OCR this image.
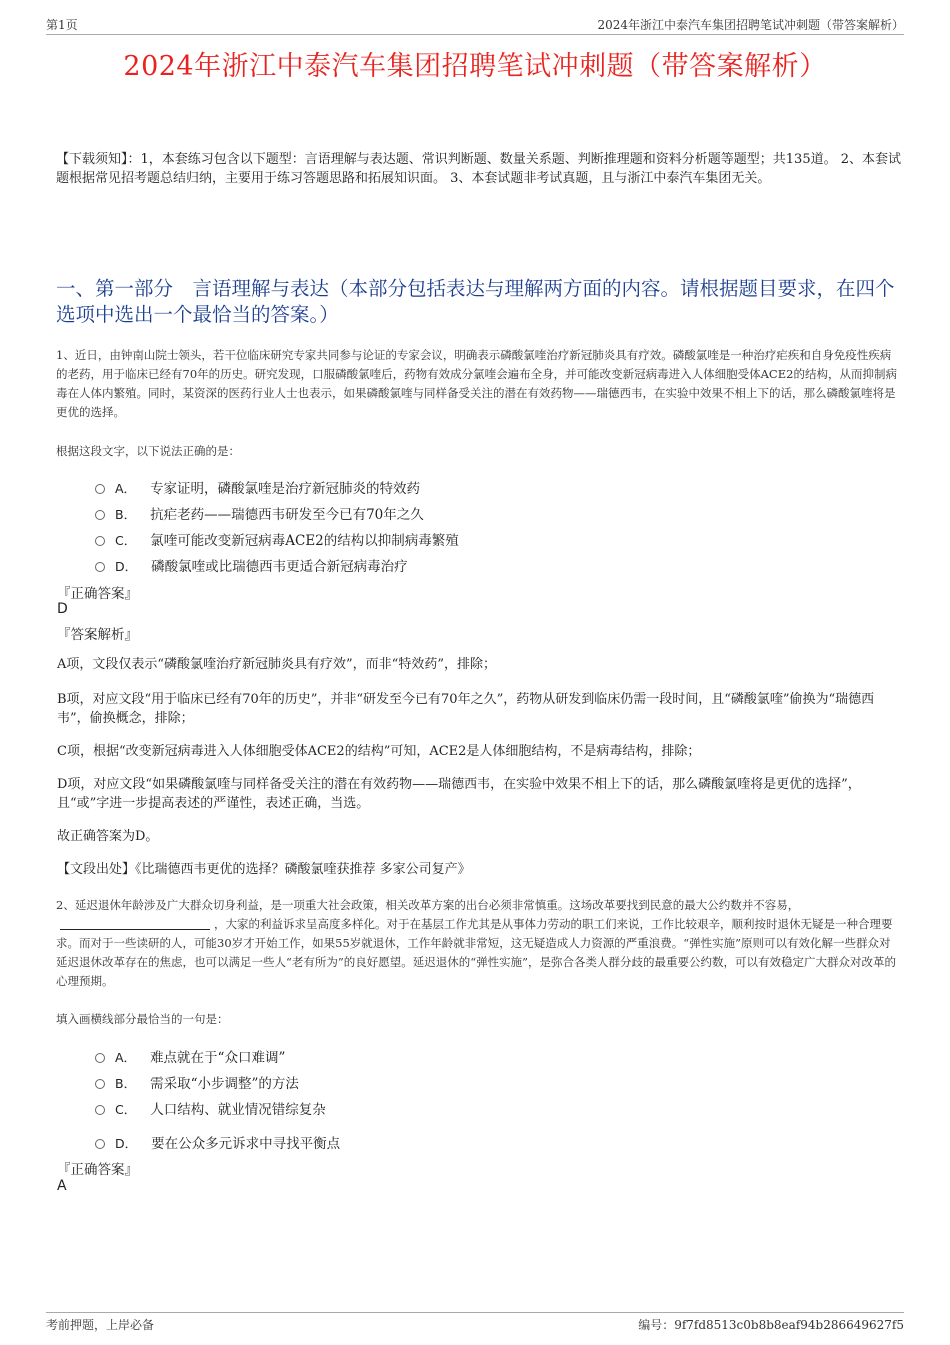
第1页	2024年浙江中泰汽车集团招聘笔试冲刺题（带答案解析）
2024年浙江中泰汽车集团招聘笔试冲刺题（带答案解析）
【下载须知】：1，本套练习包含以下题型：言语理解与表达题、常识判断题、数量关系题、判断推理题和资料分析题等题型；共135道。 2、本套试题根据常见招考题总结归纳，主要用于练习答题思路和拓展知识面。 3、本套试题非考试真题，且与浙江中泰汽车集团无关。
一、第一部分　言语理解与表达（本部分包括表达与理解两方面的内容。请根据题目要求，在四个选项中选出一个最恰当的答案。）
1、近日，由钟南山院士领头，若干位临床研究专家共同参与论证的专家会议，明确表示磷酸氯喹治疗新冠肺炎具有疗效。磷酸氯喹是一种治疗疟疾和自身免疫性疾病的老药，用于临床已经有70年的历史。研究发现，口服磷酸氯喹后，药物有效成分氯喹会遍布全身，并可能改变新冠病毒进入人体细胞受体ACE2的结构，从而抑制病毒在人体内繁殖。同时，某资深的医药行业人士也表示，如果磷酸氯喹与同样备受关注的潜在有效药物——瑞德西韦，在实验中效果不相上下的话，那么磷酸氯喹将是更优的选择。
根据这段文字，以下说法正确的是：
A． 专家证明，磷酸氯喹是治疗新冠肺炎的特效药
B． 抗疟老药——瑞德西韦研发至今已有70年之久
C． 氯喹可能改变新冠病毒ACE2的结构以抑制病毒繁殖
D． 磷酸氯喹或比瑞德西韦更适合新冠病毒治疗
『正确答案』
D
『答案解析』
A项，文段仅表示“磷酸氯喹治疗新冠肺炎具有疗效”，而非“特效药”，排除；
B项，对应文段“用于临床已经有70年的历史”，并非“研发至今已有70年之久”，药物从研发到临床仍需一段时间，且“磷酸氯喹”偷换为“瑞德西韦”，偷换概念，排除；
C项，根据“改变新冠病毒进入人体细胞受体ACE2的结构”可知，ACE2是人体细胞结构，不是病毒结构，排除；
D项，对应文段“如果磷酸氯喹与同样备受关注的潜在有效药物——瑞德西韦，在实验中效果不相上下的话，那么磷酸氯喹将是更优的选择”，且“或”字进一步提高表述的严谨性，表述正确，当选。
故正确答案为D。
【文段出处】《比瑞德西韦更优的选择？磷酸氯喹获推荐 多家公司复产》
2、延迟退休年龄涉及广大群众切身利益，是一项重大社会政策，相关改革方案的出台必须非常慎重。这场改革要找到民意的最大公约数并不容易，，大家的利益诉求呈高度多样化。对于在基层工作尤其是从事体力劳动的职工们来说，工作比较艰辛，顺利按时退休无疑是一种合理要求。而对于一些读研的人，可能30岁才开始工作，如果55岁就退休，工作年龄就非常短，这无疑造成人力资源的严重浪费。“弹性实施”原则可以有效化解一些群众对延迟退休改革存在的焦虑，也可以满足一些人“老有所为”的良好愿望。延迟退休的“弹性实施”，是弥合各类人群分歧的最重要公约数，可以有效稳定广大群众对改革的心理预期。
填入画横线部分最恰当的一句是：
A． 难点就在于“众口难调”
B． 需采取“小步调整”的方法
C． 人口结构、就业情况错综复杂
D． 要在公众多元诉求中寻找平衡点
『正确答案』
A
考前押题，上岸必备	编号：9f7fd8513c0b8b8eaf94b286649627f5
